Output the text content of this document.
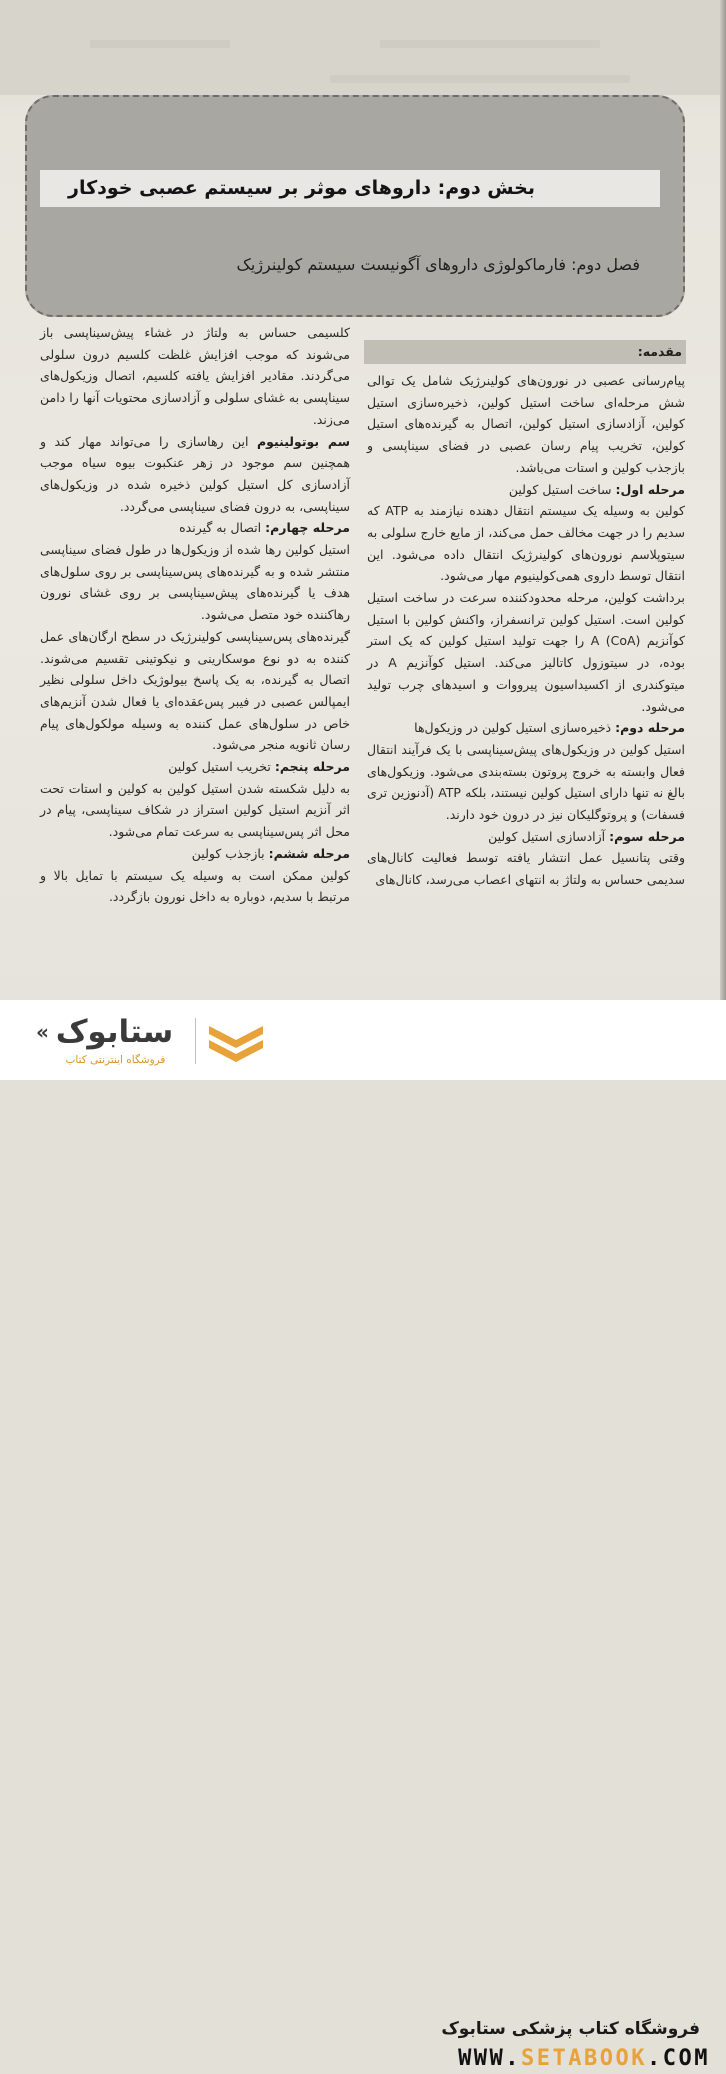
بخش دوم: داروهای موثر بر سیستم عصبی خودکار
فصل دوم: فارماکولوژی داروهای آگونیست سیستم کولینرژیک
مقدمه:

پیام‌رسانی عصبی در نورون‌های کولینرژیک شامل یک توالی شش مرحله‌ای ساخت استیل کولین، ذخیره‌سازی استیل کولین، آزادسازی استیل کولین، اتصال به گیرنده‌های استیل کولین، تخریب پیام رسان عصبی در فضای سیناپسی و بازجذب کولین و استات می‌باشد.

مرحله اول: ساخت استیل کولین

کولین به وسیله یک سیستم انتقال دهنده نیازمند به ATP که سدیم را در جهت مخالف حمل می‌کند، از مایع خارج سلولی به سیتوپلاسم نورون‌های کولینرژیک انتقال داده می‌شود. این انتقال توسط داروی همی‌کولینیوم مهار می‌شود.

برداشت کولین، مرحله محدودکننده سرعت در ساخت استیل کولین است. استیل کولین ترانسفراز، واکنش کولین با استیل کوآنزیم A (CoA) را جهت تولید استیل کولین که یک استر بوده، در سیتوزول کاتالیز می‌کند. استیل کوآنزیم A در میتوکندری از اکسیداسیون پیرووات و اسیدهای چرب تولید می‌شود.

مرحله دوم: ذخیره‌سازی استیل کولین در وزیکول‌ها

استیل کولین در وزیکول‌های پیش‌سیناپسی با یک فرآیند انتقال فعال وابسته به خروج پروتون بسته‌بندی می‌شود. وزیکول‌های بالغ نه تنها دارای استیل کولین نیستند، بلکه ATP (آدنوزین تری فسفات) و پروتوگلیکان نیز در درون خود دارند.

مرحله سوم: آزادسازی استیل کولین

وقتی پتانسیل عمل انتشار یافته توسط فعالیت کانال‌های سدیمی حساس به ولتاژ به انتهای اعصاب می‌رسد، کانال‌های

کلسیمی حساس به ولتاژ در غشاء پیش‌سیناپسی باز می‌شوند که موجب افزایش غلظت کلسیم درون سلولی می‌گردند. مقادیر افزایش یافته کلسیم، اتصال وزیکول‌های سیناپسی به غشای سلولی و آزادسازی محتویات آنها را دامن می‌زند.

سم بوتولینیوم این رهاسازی را می‌تواند مهار کند و همچنین سم موجود در زهر عنکبوت بیوه سیاه موجب آزادسازی کل استیل کولین ذخیره شده در وزیکول‌های سیناپسی، به درون فضای سیناپسی می‌گردد.

مرحله چهارم: اتصال به گیرنده

استیل کولین رها شده از وزیکول‌ها در طول فضای سیناپسی منتشر شده و به گیرنده‌های پس‌سیناپسی بر روی سلول‌های هدف یا گیرنده‌های پیش‌سیناپسی بر روی غشای نورون رهاکننده خود متصل می‌شود.

گیرنده‌های پس‌سیناپسی کولینرژیک در سطح ارگان‌های عمل کننده به دو نوع موسکارینی و نیکوتینی تقسیم می‌شوند. اتصال به گیرنده، به یک پاسخ بیولوژیک داخل سلولی نظیر ایمپالس عصبی در فیبر پس‌عقده‌ای یا فعال شدن آنزیم‌های خاص در سلول‌های عمل کننده به وسیله مولکول‌های پیام رسان ثانویه منجر می‌شود.

مرحله پنجم: تخریب استیل کولین

به دلیل شکسته شدن استیل کولین به کولین و استات تحت اثر آنزیم استیل کولین استراز در شکاف سیناپسی، پیام در محل اثر پس‌سیناپسی به سرعت تمام می‌شود.

مرحله ششم: بازجذب کولین

کولین ممکن است به وسیله یک سیستم با تمایل بالا و مرتبط با سدیم، دوباره به داخل نورون بازگردد.

فروشگاه کتاب پزشکی ستابوک
WWW.SETABOOK.COM
ستابوک
«
فروشگاه اینترنتی کتاب
